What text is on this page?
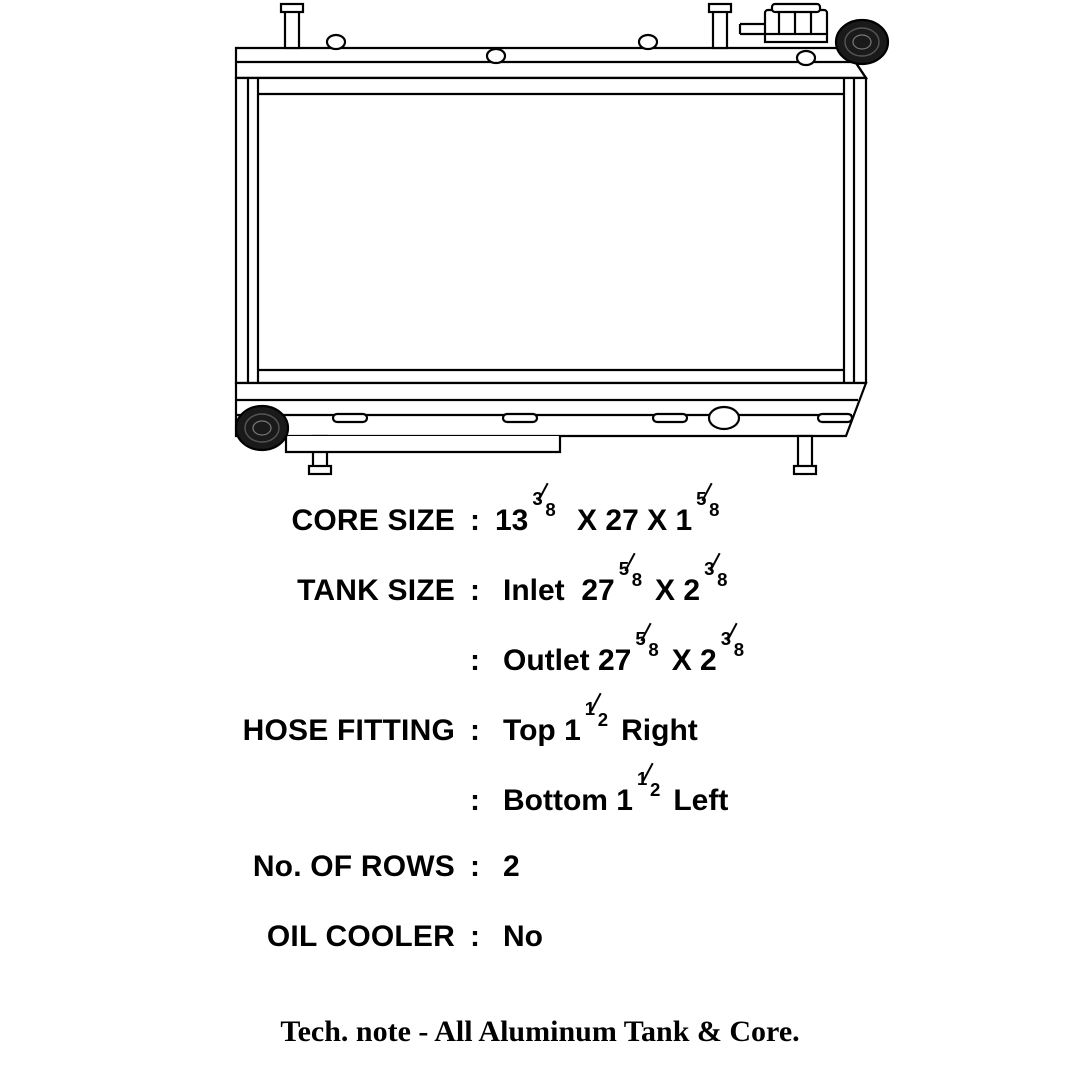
CORE SIZE : 13
3 8 X 27 X 1
5 8
TANK SIZE : Inlet  27
5 8 X 2
3 8
: Outlet 27
5 8 X 2
3 8
HOSE FITTING : Top 1
1 2 Right
: Bottom 1
1 2 Left
No. OF ROWS : 2
OIL COOLER : No
Tech. note - All Aluminum Tank & Core.
